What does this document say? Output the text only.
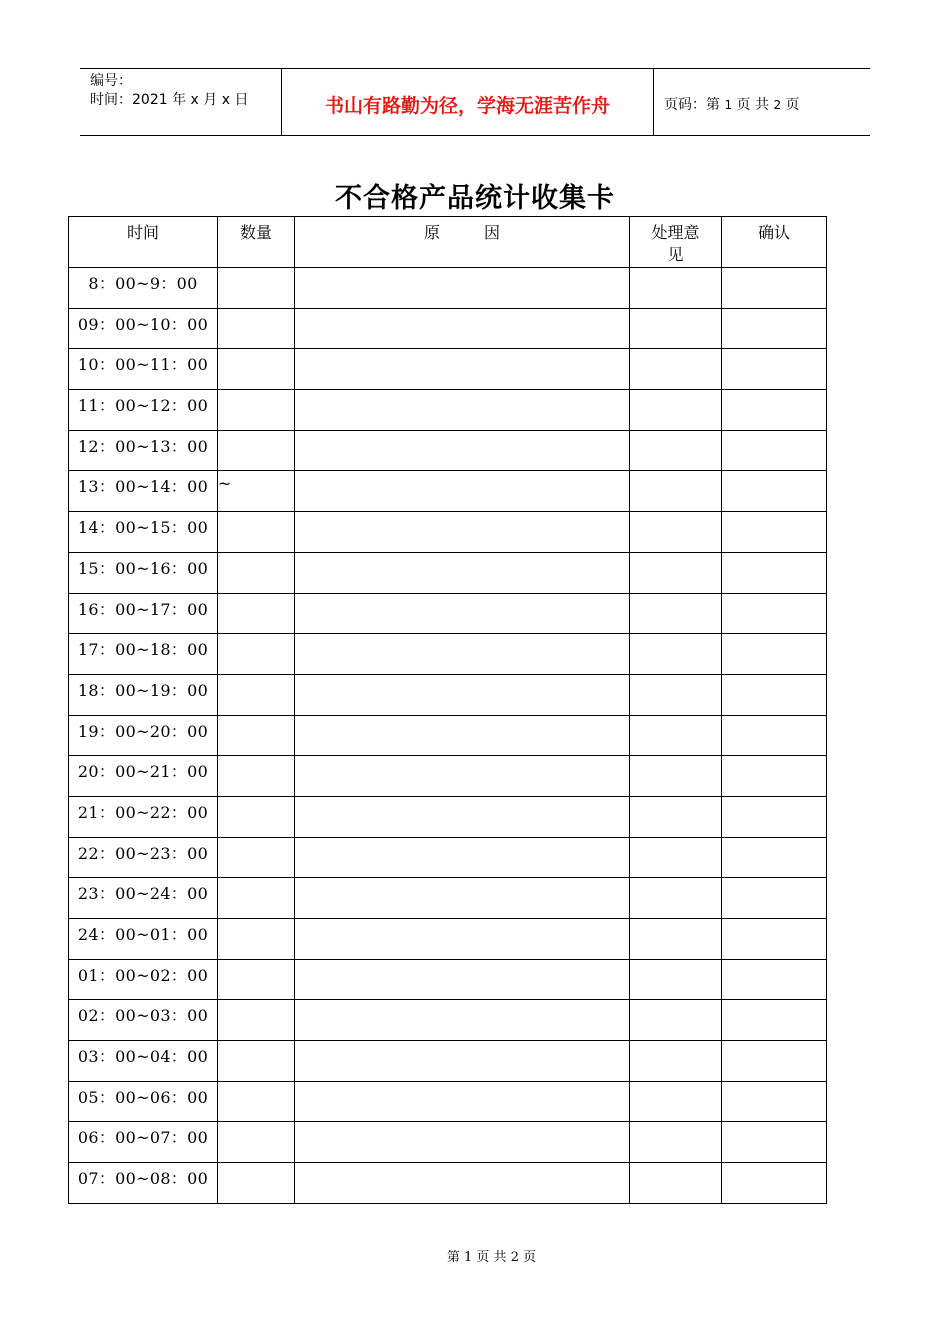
编号：
时间：2021 年 x 月 x 日	书山有路勤为径，学海无涯苦作舟	页码：第 1 页 共 2 页
不合格产品统计收集卡
时间	数量	原 因	处理意见	确认
8：00~9：00				
09：00~10：00				
10：00~11：00				
11：00~12：00				
12：00~13：00				
13：00~14：00	~			
14：00~15：00				
15：00~16：00				
16：00~17：00				
17：00~18：00				
18：00~19：00				
19：00~20：00				
20：00~21：00				
21：00~22：00				
22：00~23：00				
23：00~24：00				
24：00~01：00				
01：00~02：00				
02：00~03：00				
03：00~04：00				
05：00~06：00				
06：00~07：00				
07：00~08：00				
第 1 页 共 2 页
